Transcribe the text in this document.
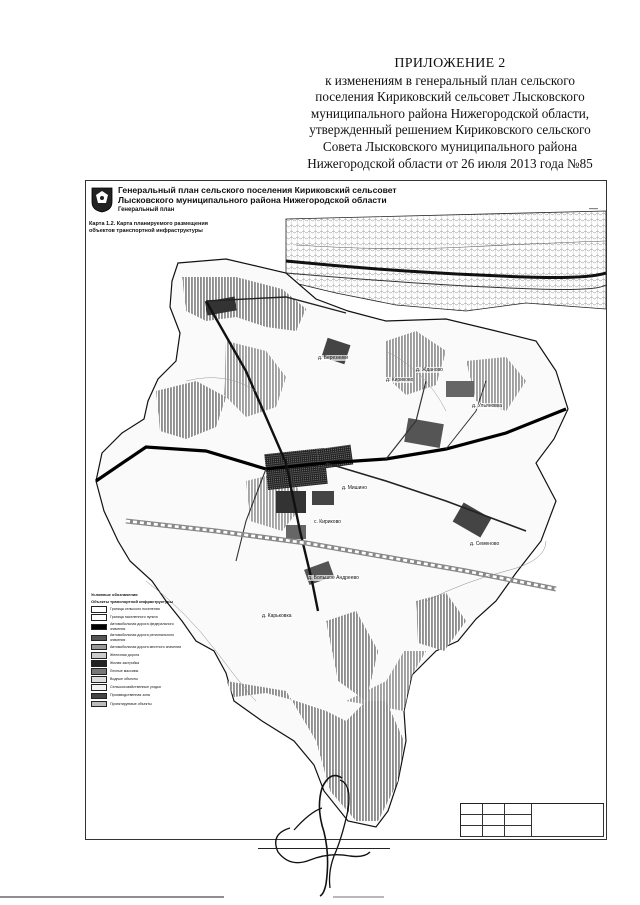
ПРИЛОЖЕНИЕ 2
к изменениям в генеральный план сельского
поселения Кириковский сельсовет Лысковского
муниципального района Нижегородской области,
утвержденный решением Кириковского сельского
Совета Лысковского муниципального района
Нижегородской области от 26 июля 2013 года №85
Генеральный план сельского поселения Кириковский сельсовет
Лысковского муниципального района Нижегородской области
Генеральный план
Карта 1.2. Карта планируемого размещения объектов транспортной инфраструктуры
—
д. Березники
д. Кириково
д. Жданово
д. Ульяновка
д. Мишино
с. Кириково
д. Большое Андреево
д. Карьковка
д. Семеново
Условные обозначения
Объекты транспортной инфраструктуры
Граница сельского поселения
Граница населенного пункта
Автомобильная дорога федерального значения
Автомобильная дорога регионального значения
Автомобильная дорога местного значения
Железная дорога
Жилая застройка
Лесные массивы
Водные объекты
Сельскохозяйственные угодья
Производственная зона
Проектируемые объекты
